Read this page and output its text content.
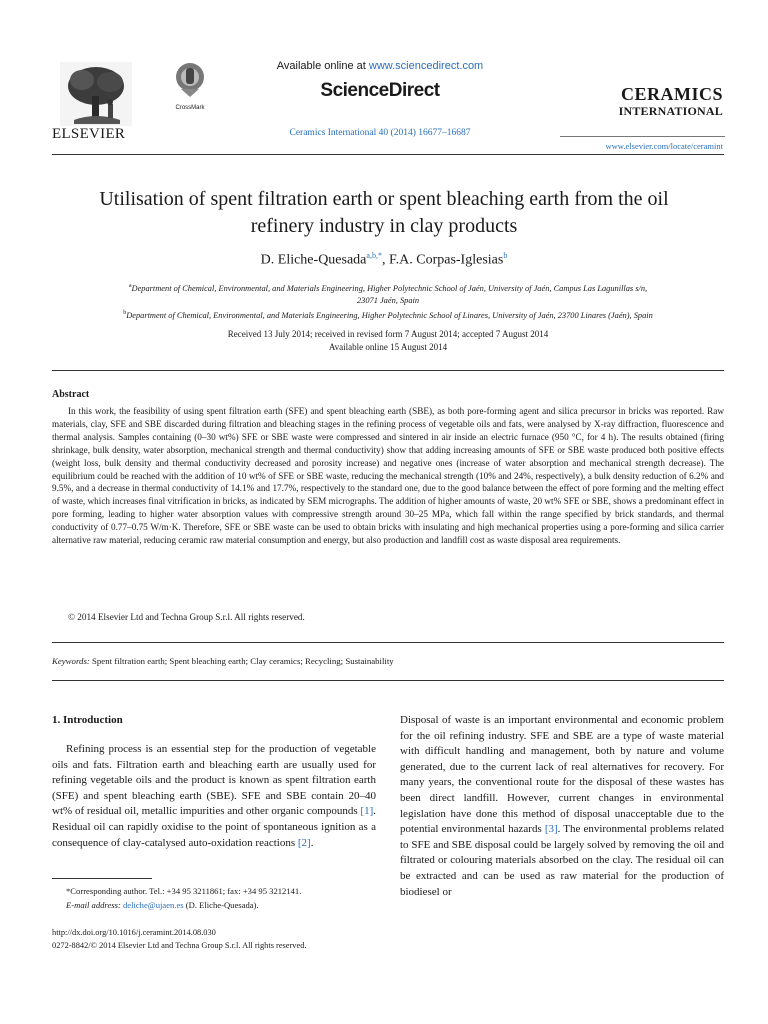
ELSEVIER
CrossMark
Available online at www.sciencedirect.com
ScienceDirect
Ceramics International 40 (2014) 16677–16687
CERAMICS
INTERNATIONAL
www.elsevier.com/locate/ceramint
Utilisation of spent filtration earth or spent bleaching earth from the oil
refinery industry in clay products
D. Eliche-Quesada$^{a,b,*}$, F.A. Corpas-Iglesias$^b$
$^a$Department of Chemical, Environmental, and Materials Engineering, Higher Polytechnic School of Jaén, University of Jaén, Campus Las Lagunillas s/n,
23071 Jaén, Spain
$^b$Department of Chemical, Environmental, and Materials Engineering, Higher Polytechnic School of Linares, University of Jaén, 23700 Linares (Jaén), Spain
Received 13 July 2014; received in revised form 7 August 2014; accepted 7 August 2014
Available online 15 August 2014
Abstract

In this work, the feasibility of using spent filtration earth (SFE) and spent bleaching earth (SBE), as both pore-forming agent and silica precursor in bricks was reported. Raw materials, clay, SFE and SBE discarded during filtration and bleaching stages in the refining process of vegetable oils and fats, were analysed by X-ray diffraction, fluorescence and thermal analysis. Samples containing (0–30 wt%) SFE or SBE waste were compressed and sintered in air inside an electric furnace (950 °C, for 4 h). The results obtained (firing shrinkage, bulk density, water absorption, mechanical strength and thermal conductivity) show that adding increasing amounts of SFE or SBE waste produced both positive effects (weight loss, bulk density and thermal conductivity decreased and porosity increase) and negative ones (increase of water absorption and mechanical strength decrease). The equilibrium could be reached with the addition of 10 wt% of SFE or SBE waste, reducing the mechanical strength (10% and 24%, respectively), a bulk density reduction of 6.2% and 9.5%, and a decrease in thermal conductivity of 14.1% and 17.7%, respectively to the standard one, due to the good balance between the effect of pore forming and the melting effect of waste, which increases final vitrification in bricks, as indicated by SEM micrographs. The addition of higher amounts of waste, 20 wt% SFE or SBE, shows a predominant effect in pore forming, leading to higher water absorption values with compressive strength around 30–25 MPa, which fall within the range specified by brick standards, and thermal conductivity of 0.77–0.75 W/m·K. Therefore, SFE or SBE waste can be used to obtain bricks with insulating and high mechanical properties using a pore-forming and silica carrier alternative raw material, reducing ceramic raw material consumption and energy, but also production and landfill cost as waste disposal area requirements.

© 2014 Elsevier Ltd and Techna Group S.r.l. All rights reserved.
Keywords: Spent filtration earth; Spent bleaching earth; Clay ceramics; Recycling; Sustainability
1. Introduction

Refining process is an essential step for the production of vegetable oils and fats. Filtration earth and bleaching earth are usually used for refining vegetable oils and the product is known as spent filtration earth (SFE) and spent bleaching earth (SBE). SFE and SBE contain 20–40 wt% of residual oil, metallic impurities and other organic compounds [1]. Residual oil can rapidly oxidise to the point of spontaneous ignition as a consequence of clay-catalysed auto-oxidation reactions [2].

Disposal of waste is an important environmental and economic problem for the oil refining industry. SFE and SBE are a type of waste material with difficult handling and management, both by nature and volume generated, due to the current lack of real alternatives for recovery. For many years, the conventional route for the disposal of these wastes has been direct landfill. However, current changes in environmental legislation have done this method of disposal unacceptable due to the potential environmental hazards [3]. The environmental problems related to SFE and SBE disposal could be largely solved by removing the oil and filtrated or colouring materials absorbed on the clay. The residual oil can be extracted and can be used as raw material for the production of biodiesel or

*Corresponding author. Tel.: +34 95 3211861; fax: +34 95 3212141.
E-mail address: deliche@ujaen.es (D. Eliche-Quesada).
http://dx.doi.org/10.1016/j.ceramint.2014.08.030
0272-8842/© 2014 Elsevier Ltd and Techna Group S.r.l. All rights reserved.
